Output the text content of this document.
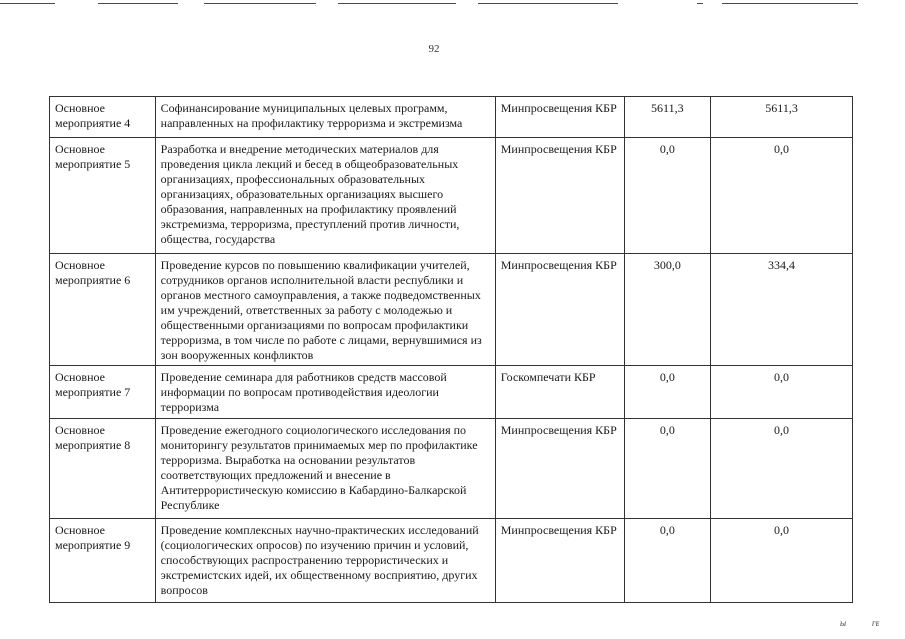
92
Основное мероприятие 4	Софинансирование муниципальных целевых программ, направленных на профилактику терроризма и экстремизма	Минпросвещения КБР	5611,3	5611,3
Основное мероприятие 5	Разработка и внедрение методических материалов для проведения цикла лекций и бесед в общеобразовательных организациях, профессиональных образовательных организациях, образовательных организациях высшего образования, направленных на профилактику проявлений экстремизма, терроризма, преступлений против личности, общества, государства	Минпросвещения КБР	0,0	0,0
Основное мероприятие 6	Проведение курсов по повышению квалификации учителей, сотрудников органов исполнительной власти республики и органов местного самоуправления, а также подведомственных им учреждений, ответственных за работу с молодежью и общественными организациями по вопросам профилактики терроризма, в том числе по работе с лицами, вернувшимися из зон вооруженных конфликтов	Минпросвещения КБР	300,0	334,4
Основное мероприятие 7	Проведение семинара для работников средств массовой информации по вопросам противодействия идеологии терроризма	Госкомпечати КБР	0,0	0,0
Основное мероприятие 8	Проведение ежегодного социологического исследования по мониторингу результатов принимаемых мер по профилактике терроризма. Выработка на основании результатов соответствующих предложений и внесение в Антитеррористическую комиссию в Кабардино-Балкарской Республике	Минпросвещения КБР	0,0	0,0
Основное мероприятие 9	Проведение комплексных научно-практических исследований (социологических опросов) по изучению причин и условий, способствующих распространению террористических и экстремистских идей, их общественному восприятию, других вопросов	Минпросвещения КБР	0,0	0,0
ы	ᴦᴇ
